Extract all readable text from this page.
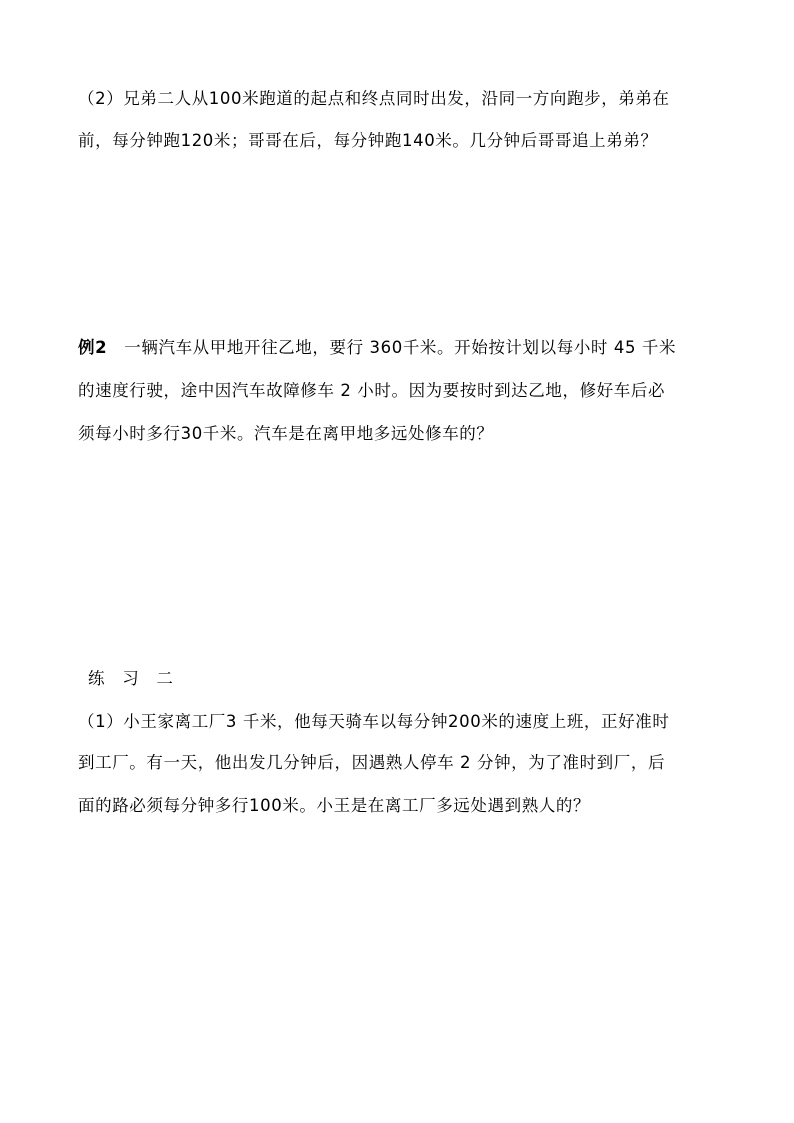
（2）兄弟二人从100米跑道的起点和终点同时出发，沿同一方向跑步，弟弟在
前，每分钟跑120米；哥哥在后，每分钟跑140米。几分钟后哥哥追上弟弟？
例2　一辆汽车从甲地开往乙地，要行 360千米。开始按计划以每小时 45 千米
的速度行驶，途中因汽车故障修车 2 小时。因为要按时到达乙地，修好车后必
须每小时多行30千米。汽车是在离甲地多远处修车的？
练　习　二
（1）小王家离工厂3 千米，他每天骑车以每分钟200米的速度上班，正好准时
到工厂。有一天，他出发几分钟后，因遇熟人停车 2 分钟，为了准时到厂，后
面的路必须每分钟多行100米。小王是在离工厂多远处遇到熟人的？
